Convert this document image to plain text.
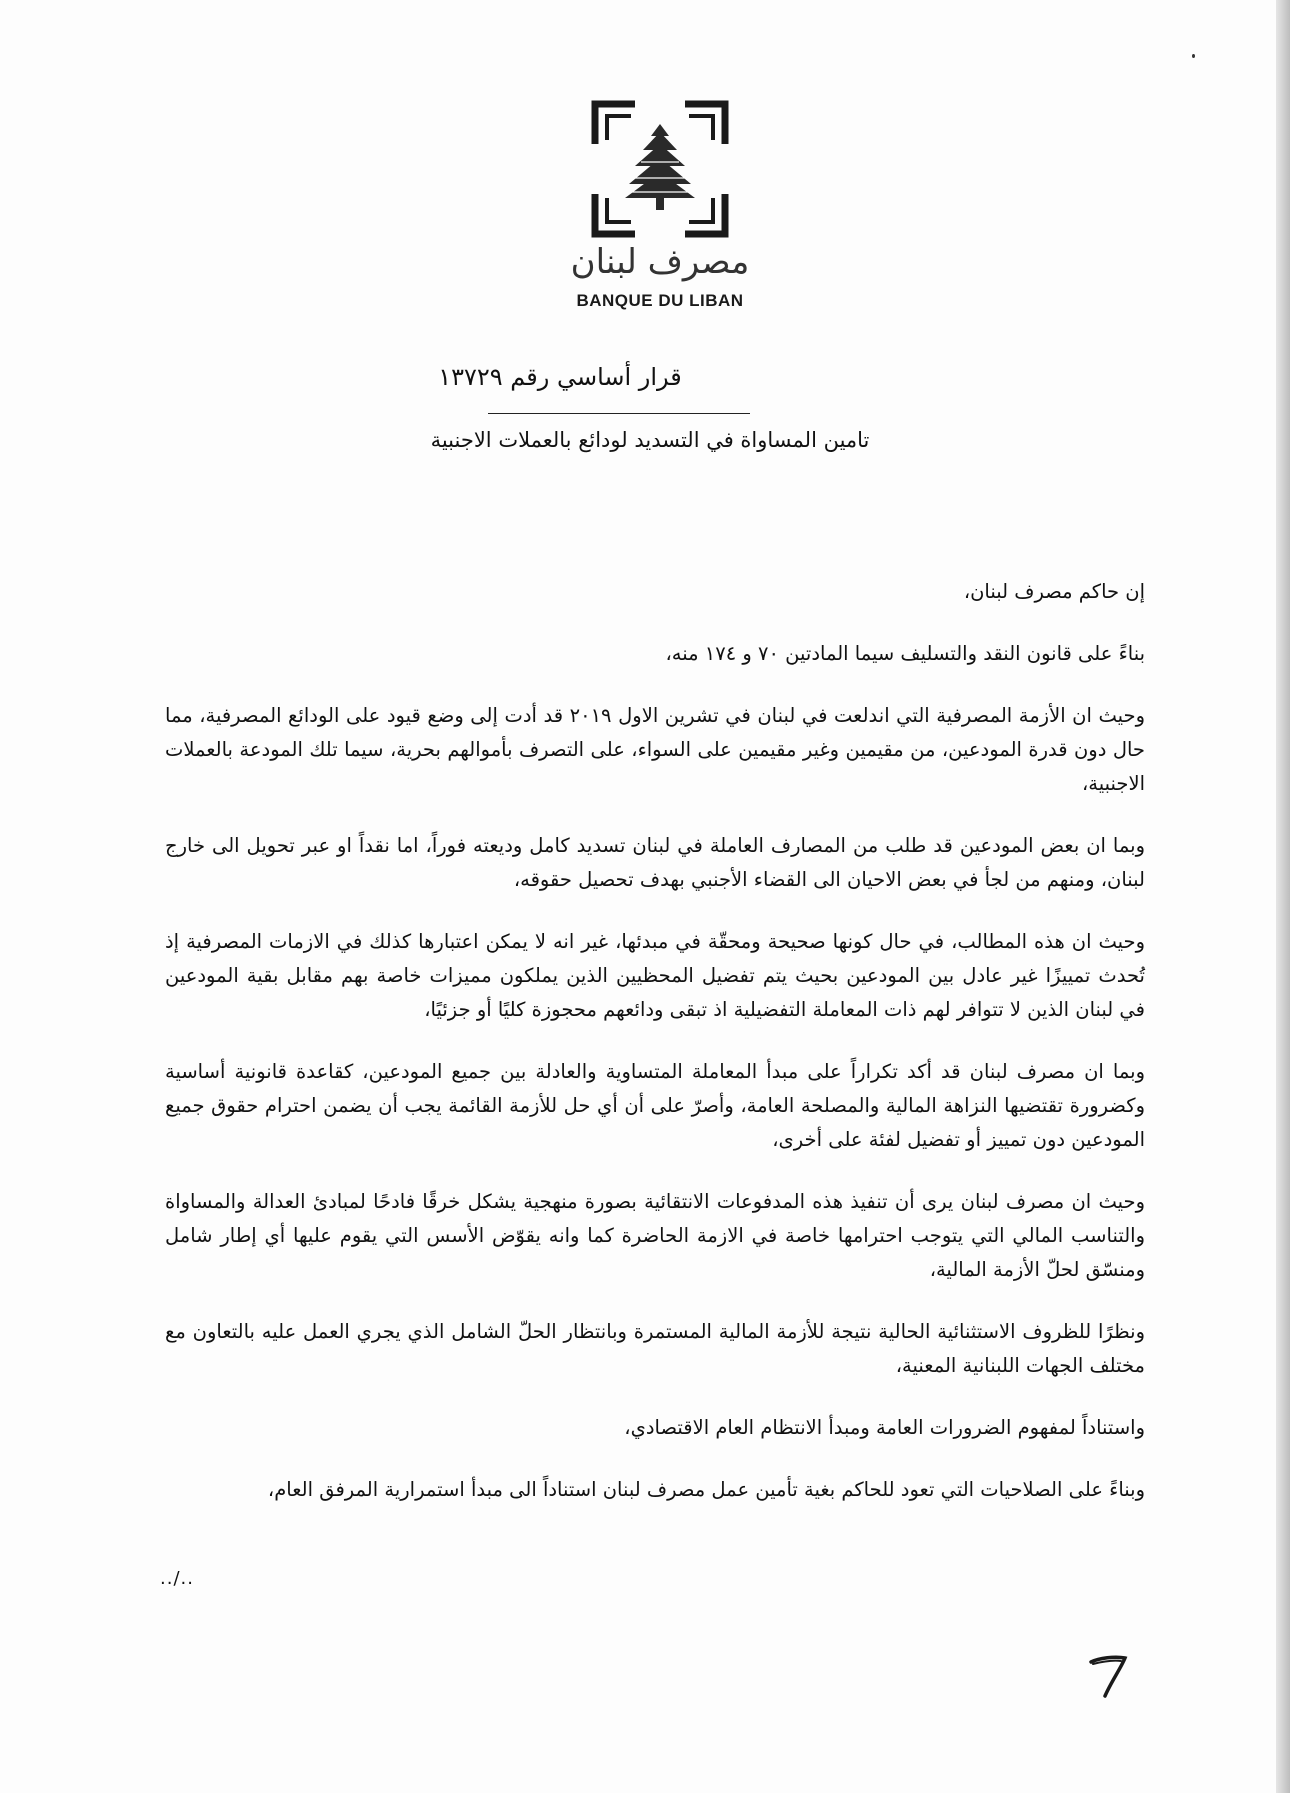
مصرف لبنان
BANQUE DU LIBAN
قرار أساسي رقم ١٣٧٢٩
تامين المساواة في التسديد لودائع بالعملات الاجنبية

إن حاكم مصرف لبنان،

بناءً على قانون النقد والتسليف سيما المادتين ٧٠ و ١٧٤ منه،

وحيث ان الأزمة المصرفية التي اندلعت في لبنان في تشرين الاول ٢٠١٩ قد أدت إلى وضع قيود على الودائع المصرفية، مما حال دون قدرة المودعين، من مقيمين وغير مقيمين على السواء، على التصرف بأموالهم بحرية، سيما تلك المودعة بالعملات الاجنبية،

وبما ان بعض المودعين قد طلب من المصارف العاملة في لبنان تسديد كامل وديعته فوراً، اما نقداً او عبر تحويل الى خارج لبنان، ومنهم من لجأ في بعض الاحيان الى القضاء الأجنبي بهدف تحصيل حقوقه،

وحيث ان هذه المطالب، في حال كونها صحيحة ومحقّة في مبدئها، غير انه لا يمكن اعتبارها كذلك في الازمات المصرفية إذ تُحدث تمييزًا غير عادل بين المودعين بحيث يتم تفضيل المحظيين الذين يملكون مميزات خاصة بهم مقابل بقية المودعين في لبنان الذين لا تتوافر لهم ذات المعاملة التفضيلية اذ تبقى ودائعهم محجوزة كليًا أو جزئيًا،

وبما ان مصرف لبنان قد أكد تكراراً على مبدأ المعاملة المتساوية والعادلة بين جميع المودعين، كقاعدة قانونية أساسية وكضرورة تقتضيها النزاهة المالية والمصلحة العامة، وأصرّ على أن أي حل للأزمة القائمة يجب أن يضمن احترام حقوق جميع المودعين دون تمييز أو تفضيل لفئة على أخرى،

وحيث ان مصرف لبنان يرى أن تنفيذ هذه المدفوعات الانتقائية بصورة منهجية يشكل خرقًا فادحًا لمبادئ العدالة والمساواة والتناسب المالي التي يتوجب احترامها خاصة في الازمة الحاضرة كما وانه يقوّض الأسس التي يقوم عليها أي إطار شامل ومنسّق لحلّ الأزمة المالية،

ونظرًا للظروف الاستثنائية الحالية نتيجة للأزمة المالية المستمرة وبانتظار الحلّ الشامل الذي يجري العمل عليه بالتعاون مع مختلف الجهات اللبنانية المعنية،

واستناداً لمفهوم الضرورات العامة ومبدأ الانتظام العام الاقتصادي،

وبناءً على الصلاحيات التي تعود للحاكم بغية تأمين عمل مصرف لبنان استناداً الى مبدأ استمرارية المرفق العام،

../..
